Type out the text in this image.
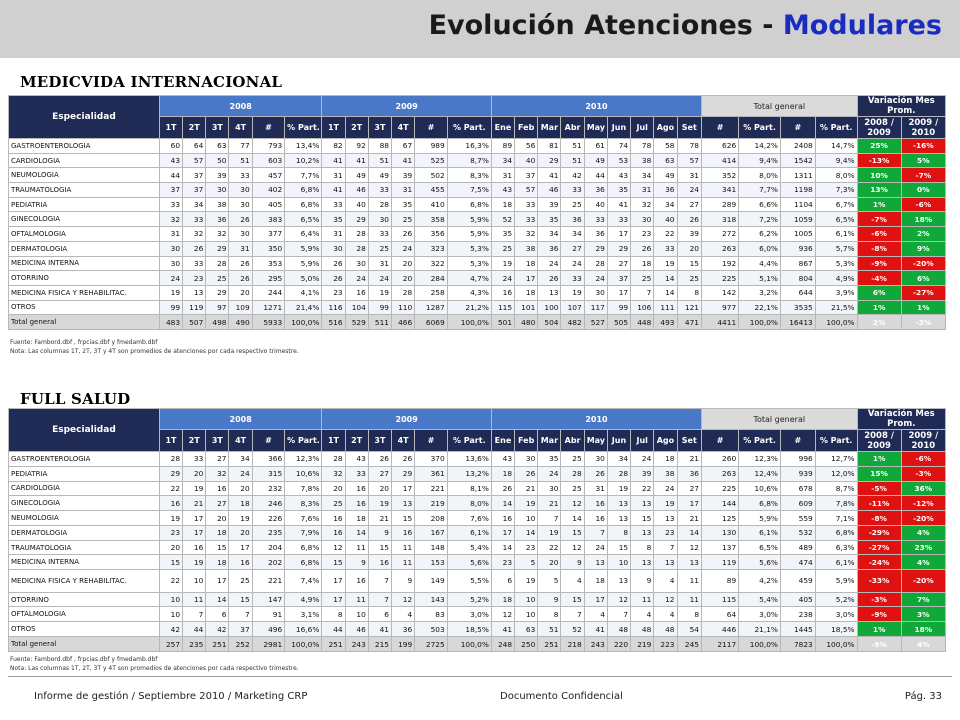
Evolución Atenciones - Modulares
MEDICVIDA INTERNACIONAL
Especialidad	2008						2009						2010									Total general				Variación Mes Prom.	
	1T	2T	3T	4T	#	% Part.	1T	2T	3T	4T	#	% Part.	Ene	Feb	Mar	Abr	May	Jun	Jul	Ago	Set	#	% Part.	#	% Part.	2008 / 2009	2009 / 2010
GASTROENTEROLOGIA	60	64	63	77	793	13,4%	82	92	88	67	989	16,3%	89	56	81	51	61	74	78	58	78	626	14,2%	2408	14,7%	25%	-16%
CARDIOLOGIA	43	57	50	51	603	10,2%	41	41	51	41	525	8,7%	34	40	29	51	49	53	38	63	57	414	9,4%	1542	9,4%	-13%	5%
NEUMOLOGIA	44	37	39	33	457	7,7%	31	49	49	39	502	8,3%	31	37	41	42	44	43	34	49	31	352	8,0%	1311	8,0%	10%	-7%
TRAUMATOLOGIA	37	37	30	30	402	6,8%	41	46	33	31	455	7,5%	43	57	46	33	36	35	31	36	24	341	7,7%	1198	7,3%	13%	0%
PEDIATRIA	33	34	38	30	405	6,8%	33	40	28	35	410	6,8%	18	33	39	25	40	41	32	34	27	289	6,6%	1104	6,7%	1%	-6%
GINECOLOGIA	32	33	36	26	383	6,5%	35	29	30	25	358	5,9%	52	33	35	36	33	33	30	40	26	318	7,2%	1059	6,5%	-7%	18%
OFTALMOLOGIA	31	32	32	30	377	6,4%	31	28	33	26	356	5,9%	35	32	34	34	36	17	23	22	39	272	6,2%	1005	6,1%	-6%	2%
DERMATOLOGIA	30	26	29	31	350	5,9%	30	28	25	24	323	5,3%	25	38	36	27	29	29	26	33	20	263	6,0%	936	5,7%	-8%	9%
MEDICINA INTERNA	30	33	28	26	353	5,9%	26	30	31	20	322	5,3%	19	18	24	24	28	27	18	19	15	192	4,4%	867	5,3%	-9%	-20%
OTORRINO	24	23	25	26	295	5,0%	26	24	24	20	284	4,7%	24	17	26	33	24	37	25	14	25	225	5,1%	804	4,9%	-4%	6%
MEDICINA FISICA Y REHABILITAC.	19	13	29	20	244	4,1%	23	16	19	28	258	4,3%	16	18	13	19	30	17	7	14	8	142	3,2%	644	3,9%	6%	-27%
OTROS	99	119	97	109	1271	21,4%	116	104	99	110	1287	21,2%	115	101	100	107	117	99	106	111	121	977	22,1%	3535	21,5%	1%	1%
Total general	483	507	498	490	5933	100,0%	516	529	511	466	6069	100,0%	501	480	504	482	527	505	448	493	471	4411	100,0%	16413	100,0%	2%	-3%
Fuente: Fambord.dbf , frpcias.dbf y fmedamb.dbf
Nota: Las columnas 1T, 2T, 3T y 4T son promedios de atenciones por cada respectivo trimestre.
FULL SALUD
Especialidad	2008						2009						2010									Total general				Variación Mes Prom.	
	1T	2T	3T	4T	#	% Part.	1T	2T	3T	4T	#	% Part.	Ene	Feb	Mar	Abr	May	Jun	Jul	Ago	Set	#	% Part.	#	% Part.	2008 / 2009	2009 / 2010
GASTROENTEROLOGIA	28	33	27	34	366	12,3%	28	43	26	26	370	13,6%	43	30	35	25	30	34	24	18	21	260	12,3%	996	12,7%	1%	-6%
PEDIATRIA	29	20	32	24	315	10,6%	32	33	27	29	361	13,2%	18	26	24	28	26	28	39	38	36	263	12,4%	939	12,0%	15%	-3%
CARDIOLOGIA	22	19	16	20	232	7,8%	20	16	20	17	221	8,1%	26	21	30	25	31	19	22	24	27	225	10,6%	678	8,7%	-5%	36%
GINECOLOGIA	16	21	27	18	246	8,3%	25	16	19	13	219	8,0%	14	19	21	12	16	13	13	19	17	144	6,8%	609	7,8%	-11%	-12%
NEUMOLOGIA	19	17	20	19	226	7,6%	16	18	21	15	208	7,6%	16	10	7	14	16	13	15	13	21	125	5,9%	559	7,1%	-8%	-20%
DERMATOLOGIA	23	17	18	20	235	7,9%	16	14	9	16	167	6,1%	17	14	19	15	7	8	13	23	14	130	6,1%	532	6,8%	-29%	4%
TRAUMATOLOGIA	20	16	15	17	204	6,8%	12	11	15	11	148	5,4%	14	23	22	12	24	15	8	7	12	137	6,5%	489	6,3%	-27%	23%
MEDICINA INTERNA	15	19	18	16	202	6,8%	15	9	16	11	153	5,6%	23	5	20	9	13	10	13	13	13	119	5,6%	474	6,1%	-24%	4%
MEDICINA FISICA Y REHABILITAC.	22	10	17	25	221	7,4%	17	16	7	9	149	5,5%	6	19	5	4	18	13	9	4	11	89	4,2%	459	5,9%	-33%	-20%
OTORRINO	10	11	14	15	147	4,9%	17	11	7	12	143	5,2%	18	10	9	15	17	12	11	12	11	115	5,4%	405	5,2%	-3%	7%
OFTALMOLOGIA	10	7	6	7	91	3,1%	8	10	6	4	83	3,0%	12	10	8	7	4	7	4	4	8	64	3,0%	238	3,0%	-9%	3%
OTROS	42	44	42	37	496	16,6%	44	46	41	36	503	18,5%	41	63	51	52	41	48	48	48	54	446	21,1%	1445	18,5%	1%	18%
Total general	257	235	251	252	2981	100,0%	251	243	215	199	2725	100,0%	248	250	251	218	243	220	219	223	245	2117	100,0%	7823	100,0%	-9%	4%
Fuente: Fambord.dbf , frpcias.dbf y fmedamb.dbf
Nota: Las columnas 1T, 2T, 3T y 4T son promedios de atenciones por cada respectivo trimestre.
Informe de gestión / Septiembre 2010 / Marketing CRP	Documento Confidencial	Pág. 33
